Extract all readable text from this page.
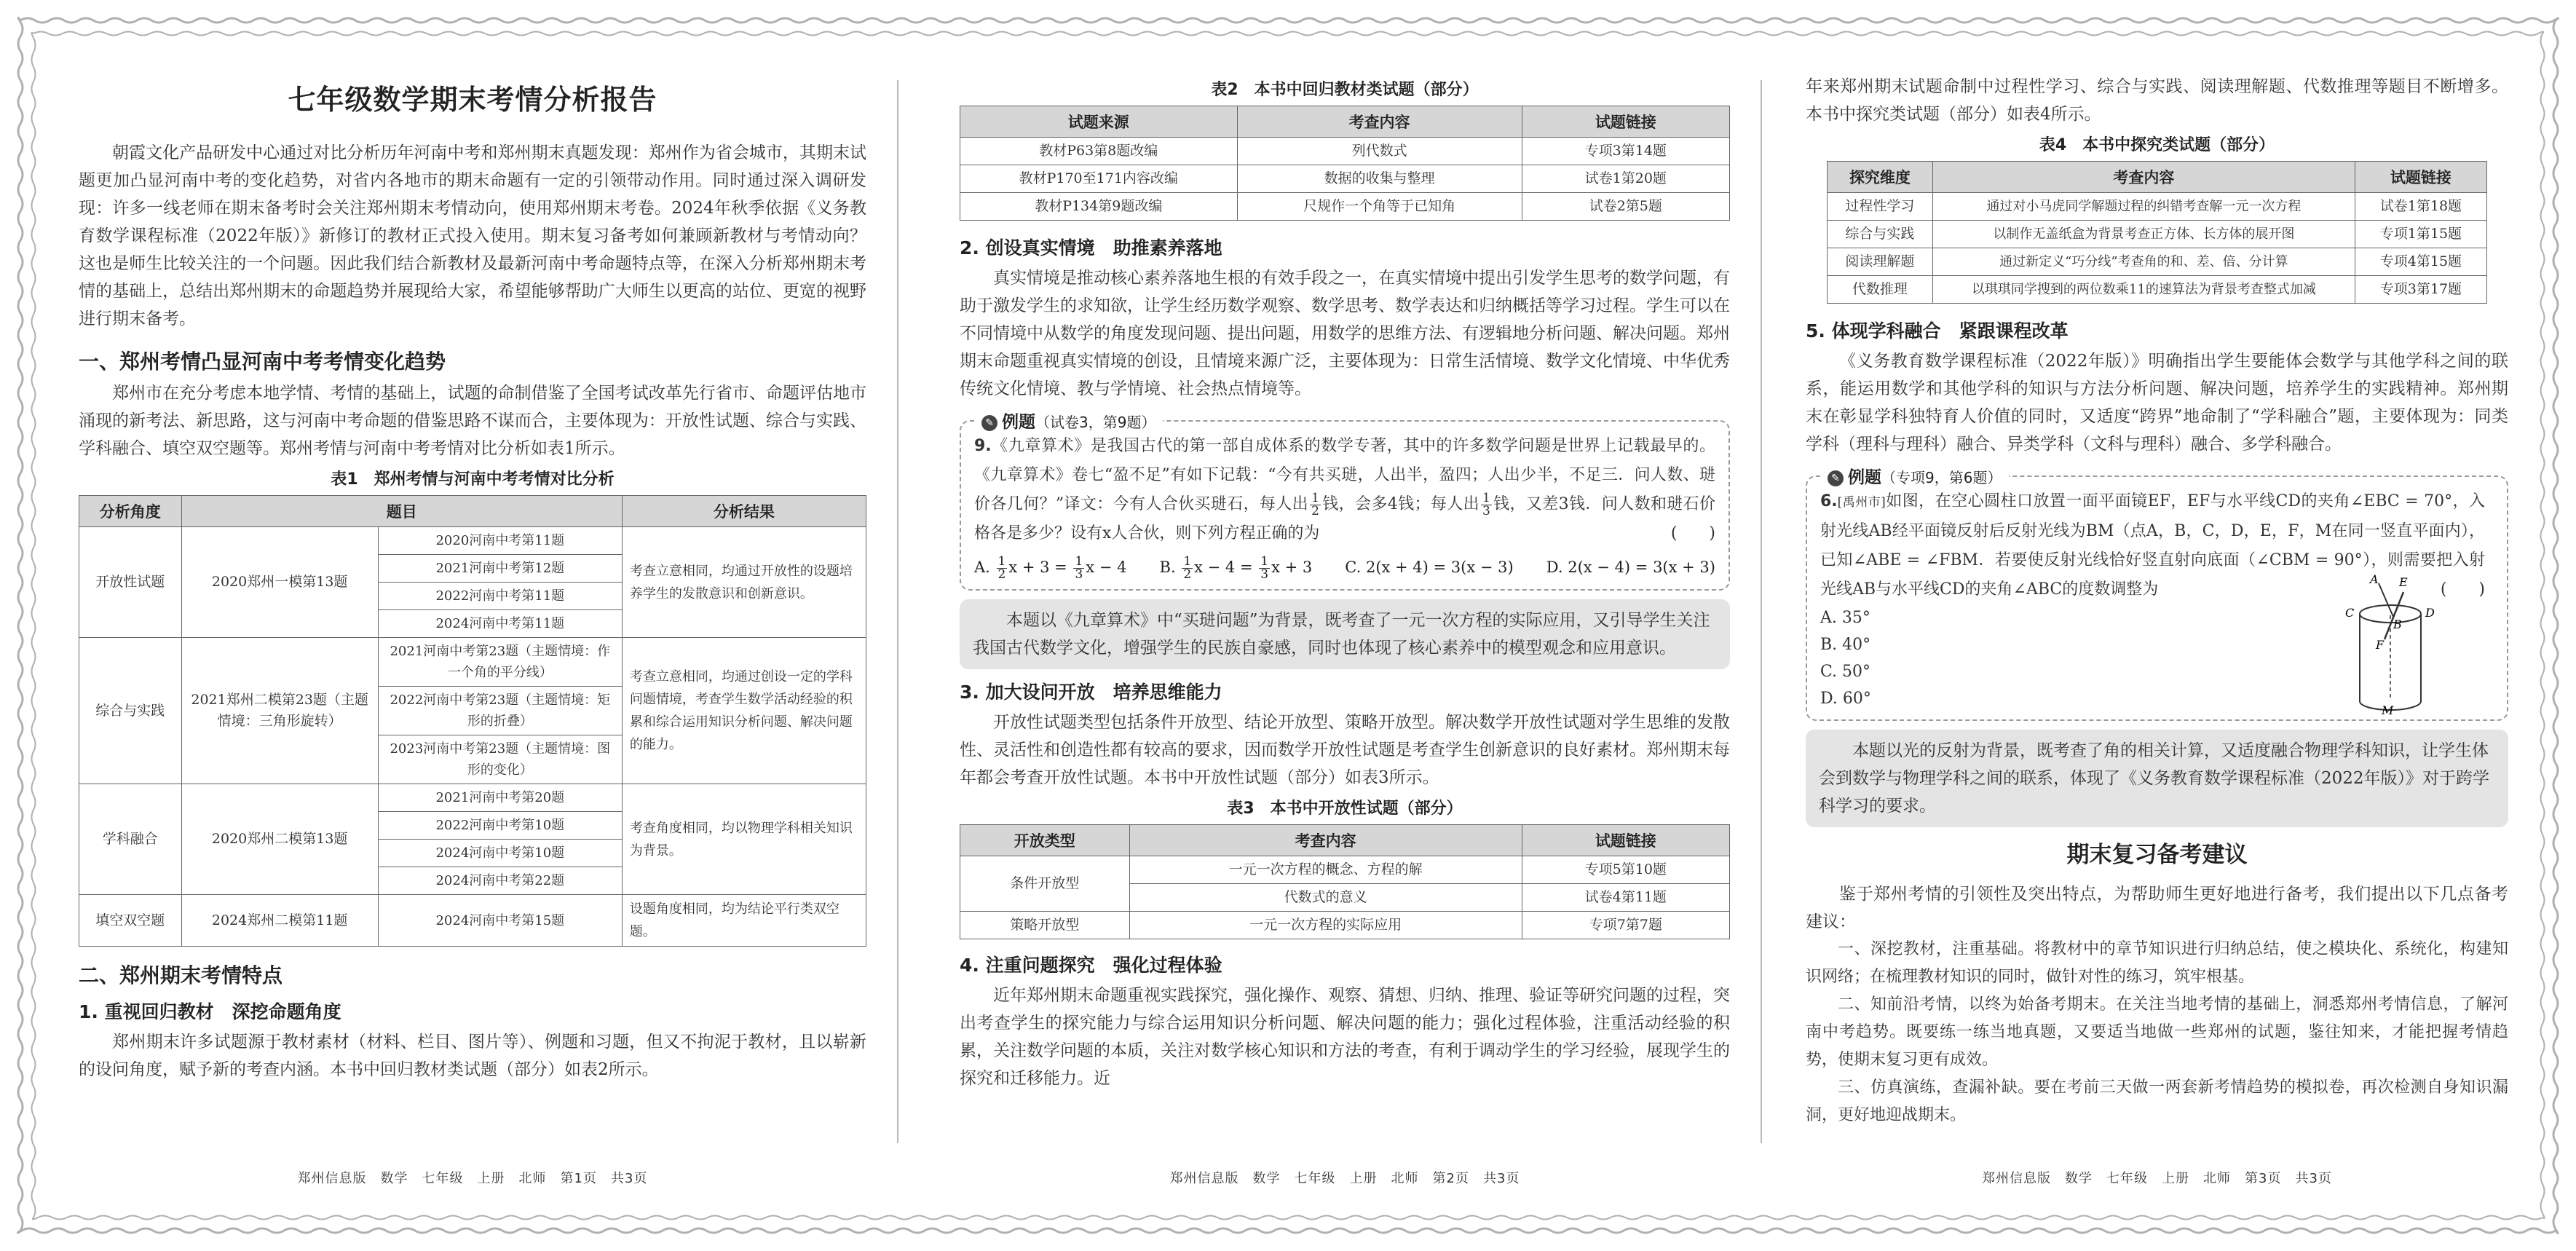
七年级数学期末考情分析报告

朝霞文化产品研发中心通过对比分析历年河南中考和郑州期末真题发现：郑州作为省会城市，其期末试题更加凸显河南中考的变化趋势，对省内各地市的期末命题有一定的引领带动作用。同时通过深入调研发现：许多一线老师在期末备考时会关注郑州期末考情动向，使用郑州期末考卷。2024年秋季依据《义务教育数学课程标准（2022年版）》新修订的教材正式投入使用。期末复习备考如何兼顾新教材与考情动向？这也是师生比较关注的一个问题。因此我们结合新教材及最新河南中考命题特点等，在深入分析郑州期末考情的基础上，总结出郑州期末的命题趋势并展现给大家，希望能够帮助广大师生以更高的站位、更宽的视野进行期末备考。

一、郑州考情凸显河南中考考情变化趋势

郑州市在充分考虑本地学情、考情的基础上，试题的命制借鉴了全国考试改革先行省市、命题评估地市涌现的新考法、新思路，这与河南中考命题的借鉴思路不谋而合，主要体现为：开放性试题、综合与实践、学科融合、填空双空题等。郑州考情与河南中考考情对比分析如表1所示。

表1　郑州考情与河南中考考情对比分析
分析角度	题目		分析结果
开放性试题	2020郑州一模第13题	2020河南中考第11题	考查立意相同，均通过开放性的设题培养学生的发散意识和创新意识。
		2021河南中考第12题	
		2022河南中考第11题	
		2024河南中考第11题	
综合与实践	2021郑州二模第23题（主题情境：三角形旋转）	2021河南中考第23题（主题情境：作一个角的平分线）	考查立意相同，均通过创设一定的学科问题情境，考查学生数学活动经验的积累和综合运用知识分析问题、解决问题的能力。
		2022河南中考第23题（主题情境：矩形的折叠）	
		2023河南中考第23题（主题情境：图形的变化）	
学科融合	2020郑州二模第13题	2021河南中考第20题	考查角度相同，均以物理学科相关知识为背景。
		2022河南中考第10题	
		2024河南中考第10题	
		2024河南中考第22题	
填空双空题	2024郑州二模第11题	2024河南中考第15题	设题角度相同，均为结论平行类双空题。
二、郑州期末考情特点
1. 重视回归教材　深挖命题角度

郑州期末许多试题源于教材素材（材料、栏目、图片等）、例题和习题，但又不拘泥于教材，且以崭新的设问角度，赋予新的考查内涵。本书中回归教材类试题（部分）如表2所示。

郑州信息版　数学　七年级　上册　北师　第1页　共3页
表2　本书中回归教材类试题（部分）
试题来源	考查内容	试题链接
教材P63第8题改编	列代数式	专项3第14题
教材P170至171内容改编	数据的收集与整理	试卷1第20题
教材P134第9题改编	尺规作一个角等于已知角	试卷2第5题
2. 创设真实情境　助推素养落地

真实情境是推动核心素养落地生根的有效手段之一，在真实情境中提出引发学生思考的数学问题，有助于激发学生的求知欲，让学生经历数学观察、数学思考、数学表达和归纳概括等学习过程。学生可以在不同情境中从数学的角度发现问题、提出问题，用数学的思维方法、有逻辑地分析问题、解决问题。郑州期末命题重视真实情境的创设，且情境来源广泛，主要体现为：日常生活情境、数学文化情境、中华优秀传统文化情境、教与学情境、社会热点情境等。

✎ 例题（试卷3，第9题）
9.《九章算术》是我国古代的第一部自成体系的数学专著，其中的许多数学问题是世界上记载最早的。《九章算术》卷七“盈不足”有如下记载：“今有共买琎，人出半，盈四；人出少半，不足三．问人数、琎价各几何？”译文：今有人合伙买琎石，每人出 $\frac{1}{2}$ 钱，会多4钱；每人出 $\frac{1}{3}$ 钱，又差3钱．问人数和琎石价格各是多少？设有x人合伙，则下列方程正确的为	(　　)
A. $\frac{1}{2}$ $x + 3 = \frac{1}{3}$ x − 4 B. $\frac{1}{2}$ $x - 4 = \frac{1}{3}$ x + 3 C. 2(x + 4) = 3(x − 3) D. 2(x − 4) = 3(x + 3)
本题以《九章算术》中“买琎问题”为背景，既考查了一元一次方程的实际应用，又引导学生关注我国古代数学文化，增强学生的民族自豪感，同时也体现了核心素养中的模型观念和应用意识。
3. 加大设问开放　培养思维能力

开放性试题类型包括条件开放型、结论开放型、策略开放型。解决数学开放性试题对学生思维的发散性、灵活性和创造性都有较高的要求，因而数学开放性试题是考查学生创新意识的良好素材。郑州期末每年都会考查开放性试题。本书中开放性试题（部分）如表3所示。

表3　本书中开放性试题（部分）
开放类型	考查内容	试题链接
条件开放型	一元一次方程的概念、方程的解	专项5第10题
	代数式的意义	试卷4第11题
策略开放型	一元一次方程的实际应用	专项7第7题
4. 注重问题探究　强化过程体验

近年郑州期末命题重视实践探究，强化操作、观察、猜想、归纳、推理、验证等研究问题的过程，突出考查学生的探究能力与综合运用知识分析问题、解决问题的能力；强化过程体验，注重活动经验的积累，关注数学问题的本质，关注对数学核心知识和方法的考查，有利于调动学生的学习经验，展现学生的探究和迁移能力。近

郑州信息版　数学　七年级　上册　北师　第2页　共3页

年来郑州期末试题命制中过程性学习、综合与实践、阅读理解题、代数推理等题目不断增多。本书中探究类试题（部分）如表4所示。

表4　本书中探究类试题（部分）
探究维度	考查内容	试题链接
过程性学习	通过对小马虎同学解题过程的纠错考查解一元一次方程	试卷1第18题
综合与实践	以制作无盖纸盒为背景考查正方体、长方体的展开图	专项1第15题
阅读理解题	通过新定义“巧分线”考查角的和、差、倍、分计算	专项4第15题
代数推理	以琪琪同学搜到的两位数乘11的速算法为背景考查整式加减	专项3第17题
5. 体现学科融合　紧跟课程改革

《义务教育数学课程标准（2022年版）》明确指出学生要能体会数学与其他学科之间的联系，能运用数学和其他学科的知识与方法分析问题、解决问题，培养学生的实践精神。郑州期末在彰显学科独特育人价值的同时，又适度“跨界”地命制了“学科融合”题，主要体现为：同类学科（理科与理科）融合、异类学科（文科与理科）融合、多学科融合。

✎ 例题（专项9，第6题）
6.[禹州市]如图，在空心圆柱口放置一面平面镜EF，EF与水平线CD的夹角∠EBC = 70°，入射光线AB经平面镜反射后反射光线为BM（点A，B，C，D，E，F，M在同一竖直平面内），已知∠ABE = ∠FBM．若要使反射光线恰好竖直射向底面（∠CBM = 90°），则需要把入射光线AB与水平线CD的夹角∠ABC的度数调整为	(　　)
A. 35°
B. 40°
C. 50°
D. 60°
A E
C
B
D
F
M
本题以光的反射为背景，既考查了角的相关计算，又适度融合物理学科知识，让学生体会到数学与物理学科之间的联系，体现了《义务教育数学课程标准（2022年版）》对于跨学科学习的要求。
期末复习备考建议

鉴于郑州考情的引领性及突出特点，为帮助师生更好地进行备考，我们提出以下几点备考建议：

一、深挖教材，注重基础。将教材中的章节知识进行归纳总结，使之模块化、系统化，构建知识网络；在梳理教材知识的同时，做针对性的练习，筑牢根基。

二、知前沿考情，以终为始备考期末。在关注当地考情的基础上，洞悉郑州考情信息，了解河南中考趋势。既要练一练当地真题，又要适当地做一些郑州的试题，鉴往知来，才能把握考情趋势，使期末复习更有成效。

三、仿真演练，查漏补缺。要在考前三天做一两套新考情趋势的模拟卷，再次检测自身知识漏洞，更好地迎战期末。

郑州信息版　数学　七年级　上册　北师　第3页　共3页
